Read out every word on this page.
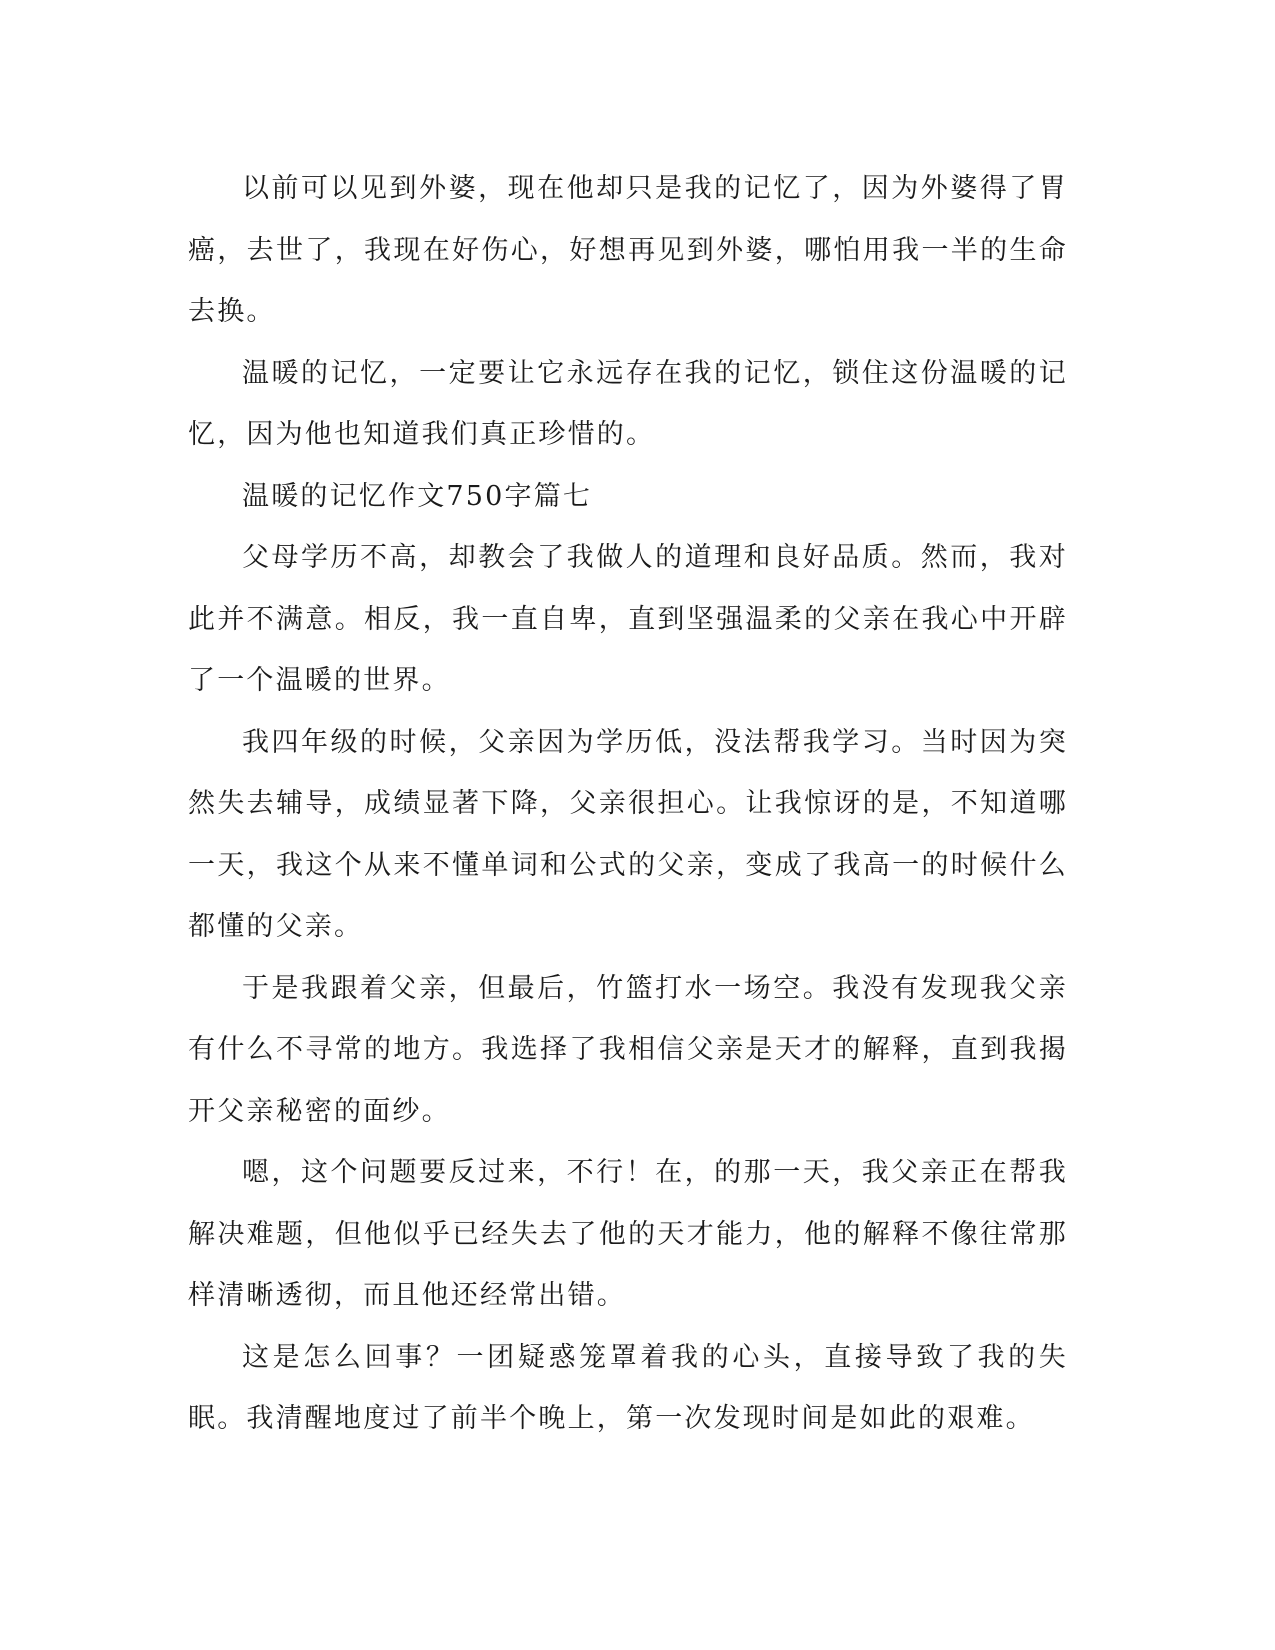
以前可以见到外婆，现在他却只是我的记忆了，因为外婆得了胃癌，去世了，我现在好伤心，好想再见到外婆，哪怕用我一半的生命去换。

温暖的记忆，一定要让它永远存在我的记忆，锁住这份温暖的记忆，因为他也知道我们真正珍惜的。

温暖的记忆作文750字篇七

父母学历不高，却教会了我做人的道理和良好品质。然而，我对此并不满意。相反，我一直自卑，直到坚强温柔的父亲在我心中开辟了一个温暖的世界。

我四年级的时候，父亲因为学历低，没法帮我学习。当时因为突然失去辅导，成绩显著下降，父亲很担心。让我惊讶的是，不知道哪一天，我这个从来不懂单词和公式的父亲，变成了我高一的时候什么都懂的父亲。

于是我跟着父亲，但最后，竹篮打水一场空。我没有发现我父亲有什么不寻常的地方。我选择了我相信父亲是天才的解释，直到我揭开父亲秘密的面纱。

嗯，这个问题要反过来，不行！在，的那一天，我父亲正在帮我解决难题，但他似乎已经失去了他的天才能力，他的解释不像往常那样清晰透彻，而且他还经常出错。

这是怎么回事？一团疑惑笼罩着我的心头，直接导致了我的失眠。我清醒地度过了前半个晚上，第一次发现时间是如此的艰难。
